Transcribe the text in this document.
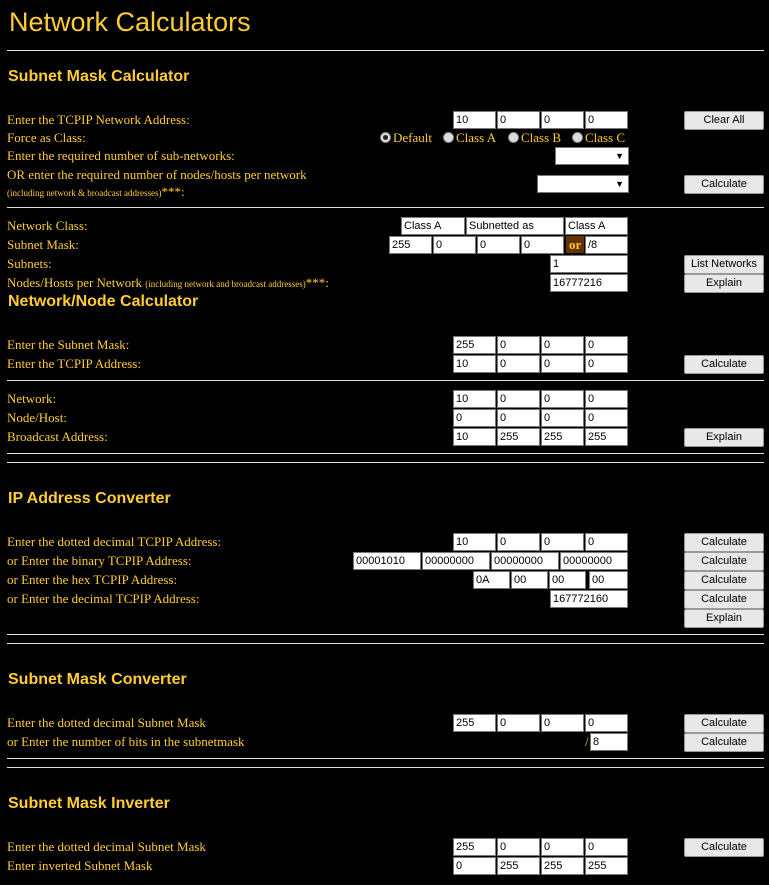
Network Calculators
Subnet Mask Calculator
Enter the TCPIP Network Address:	10	0	0	0	Clear All
Force as Class:	Default	Class A	Class B	Class C
Enter the required number of sub-networks:	▼
OR enter the required number of nodes/hosts per network
(including network & broadcast addresses)***:	▼	Calculate
Network Class:	Class A	Subnetted as	Class A
Subnet Mask:	255	0	0	0	or /8
Subnets:	1	List Networks
Nodes/Hosts per Network (including network and broadcast addresses)***:	16777216	Explain
Network/Node Calculator
Enter the Subnet Mask:	255	0	0	0
Enter the TCPIP Address:	10	0	0	0	Calculate
Network:	10	0	0	0
Node/Host:	0	0	0	0
Broadcast Address:	10	255	255	255	Explain
IP Address Converter
Enter the dotted decimal TCPIP Address:	10	0	0	0	Calculate
or Enter the binary TCPIP Address:	00001010	00000000	00000000	00000000	Calculate
or Enter the hex TCPIP Address:	0A	00	00	00	Calculate
or Enter the decimal TCPIP Address:	167772160	Calculate
Explain
Subnet Mask Converter
Enter the dotted decimal Subnet Mask	255	0	0	0	Calculate
or Enter the number of bits in the subnetmask	/ 8	Calculate
Subnet Mask Inverter
Enter the dotted decimal Subnet Mask	255	0	0	0	Calculate
Enter inverted Subnet Mask	0	255	255	255
